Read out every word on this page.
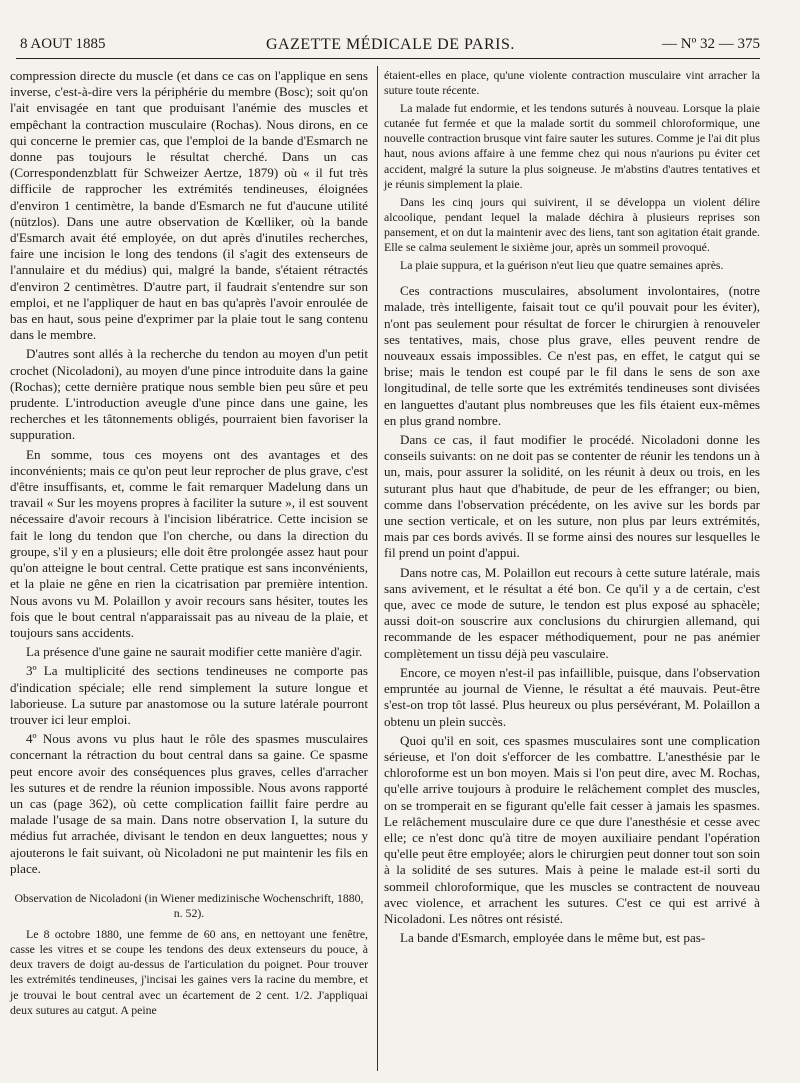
8 AOUT 1885	GAZETTE MÉDICALE DE PARIS.	— Nº 32 — 375

compression directe du muscle (et dans ce cas on l'applique en sens inverse, c'est-à-dire vers la périphérie du membre (Bosc); soit qu'on l'ait envisagée en tant que produisant l'anémie des muscles et empêchant la contraction musculaire (Rochas). Nous dirons, en ce qui concerne le premier cas, que l'emploi de la bande d'Esmarch ne donne pas toujours le résultat cherché. Dans un cas (Correspondenzblatt für Schweizer Aertze, 1879) où « il fut très difficile de rapprocher les extrémités tendineuses, éloignées d'environ 1 centimètre, la bande d'Esmarch ne fut d'aucune utilité (nützlos). Dans une autre observation de Kœlliker, où la bande d'Esmarch avait été employée, on dut après d'inutiles recherches, faire une incision le long des tendons (il s'agit des extenseurs de l'annulaire et du médius) qui, malgré la bande, s'étaient rétractés d'environ 2 centimètres. D'autre part, il faudrait s'entendre sur son emploi, et ne l'appliquer de haut en bas qu'après l'avoir enroulée de bas en haut, sous peine d'exprimer par la plaie tout le sang contenu dans le membre.

D'autres sont allés à la recherche du tendon au moyen d'un petit crochet (Nicoladoni), au moyen d'une pince introduite dans la gaine (Rochas); cette dernière pratique nous semble bien peu sûre et peu prudente. L'introduction aveugle d'une pince dans une gaine, les recherches et les tâtonnements obligés, pourraient bien favoriser la suppuration.

En somme, tous ces moyens ont des avantages et des inconvénients; mais ce qu'on peut leur reprocher de plus grave, c'est d'être insuffisants, et, comme le fait remarquer Madelung dans un travail « Sur les moyens propres à faciliter la suture », il est souvent nécessaire d'avoir recours à l'incision libératrice. Cette incision se fait le long du tendon que l'on cherche, ou dans la direction du groupe, s'il y en a plusieurs; elle doit être prolongée assez haut pour qu'on atteigne le bout central. Cette pratique est sans inconvénients, et la plaie ne gêne en rien la cicatrisation par première intention. Nous avons vu M. Polaillon y avoir recours sans hésiter, toutes les fois que le bout central n'apparaissait pas au niveau de la plaie, et toujours sans accidents.

La présence d'une gaine ne saurait modifier cette manière d'agir.

3º La multiplicité des sections tendineuses ne comporte pas d'indication spéciale; elle rend simplement la suture longue et laborieuse. La suture par anastomose ou la suture latérale pourront trouver ici leur emploi.

4º Nous avons vu plus haut le rôle des spasmes musculaires concernant la rétraction du bout central dans sa gaine. Ce spasme peut encore avoir des conséquences plus graves, celles d'arracher les sutures et de rendre la réunion impossible. Nous avons rapporté un cas (page 362), où cette complication faillit faire perdre au malade l'usage de sa main. Dans notre observation I, la suture du médius fut arrachée, divisant le tendon en deux languettes; nous y ajouterons le fait suivant, où Nicoladoni ne put maintenir les fils en place.

Observation de Nicoladoni (in Wiener medizinische Wochenschrift, 1880, n. 52).

Le 8 octobre 1880, une femme de 60 ans, en nettoyant une fenêtre, casse les vitres et se coupe les tendons des deux extenseurs du pouce, à deux travers de doigt au-dessus de l'articulation du poignet. Pour trouver les extrémités tendineuses, j'incisai les gaines vers la racine du membre, et je trouvai le bout central avec un écartement de 2 cent. 1/2. J'appliquai deux sutures au catgut. A peine

étaient-elles en place, qu'une violente contraction musculaire vint arracher la suture toute récente.

La malade fut endormie, et les tendons suturés à nouveau. Lorsque la plaie cutanée fut fermée et que la malade sortit du sommeil chloroformique, une nouvelle contraction brusque vint faire sauter les sutures. Comme je l'ai dit plus haut, nous avions affaire à une femme chez qui nous n'aurions pu éviter cet accident, malgré la suture la plus soigneuse. Je m'abstins d'autres tentatives et je réunis simplement la plaie.

Dans les cinq jours qui suivirent, il se développa un violent délire alcoolique, pendant lequel la malade déchira à plusieurs reprises son pansement, et on dut la maintenir avec des liens, tant son agitation était grande. Elle se calma seulement le sixième jour, après un sommeil provoqué.

La plaie suppura, et la guérison n'eut lieu que quatre semaines après.

Ces contractions musculaires, absolument involontaires, (notre malade, très intelligente, faisait tout ce qu'il pouvait pour les éviter), n'ont pas seulement pour résultat de forcer le chirurgien à renouveler ses tentatives, mais, chose plus grave, elles peuvent rendre de nouveaux essais impossibles. Ce n'est pas, en effet, le catgut qui se brise; mais le tendon est coupé par le fil dans le sens de son axe longitudinal, de telle sorte que les extrémités tendineuses sont divisées en languettes d'autant plus nombreuses que les fils étaient eux-mêmes en plus grand nombre.

Dans ce cas, il faut modifier le procédé. Nicoladoni donne les conseils suivants: on ne doit pas se contenter de réunir les tendons un à un, mais, pour assurer la solidité, on les réunit à deux ou trois, en les suturant plus haut que d'habitude, de peur de les effranger; ou bien, comme dans l'observation précédente, on les avive sur les bords par une section verticale, et on les suture, non plus par leurs extrémités, mais par ces bords avivés. Il se forme ainsi des noures sur lesquelles le fil prend un point d'appui.

Dans notre cas, M. Polaillon eut recours à cette suture latérale, mais sans avivement, et le résultat a été bon. Ce qu'il y a de certain, c'est que, avec ce mode de suture, le tendon est plus exposé au sphacèle; aussi doit-on souscrire aux conclusions du chirurgien allemand, qui recommande de les espacer méthodiquement, pour ne pas anémier complètement un tissu déjà peu vasculaire.

Encore, ce moyen n'est-il pas infaillible, puisque, dans l'observation empruntée au journal de Vienne, le résultat a été mauvais. Peut-être s'est-on trop tôt lassé. Plus heureux ou plus persévérant, M. Polaillon a obtenu un plein succès.

Quoi qu'il en soit, ces spasmes musculaires sont une complication sérieuse, et l'on doit s'efforcer de les combattre. L'anesthésie par le chloroforme est un bon moyen. Mais si l'on peut dire, avec M. Rochas, qu'elle arrive toujours à produire le relâchement complet des muscles, on se tromperait en se figurant qu'elle fait cesser à jamais les spasmes. Le relâchement musculaire dure ce que dure l'anesthésie et cesse avec elle; ce n'est donc qu'à titre de moyen auxiliaire pendant l'opération qu'elle peut être employée; alors le chirurgien peut donner tout son soin à la solidité de ses sutures. Mais à peine le malade est-il sorti du sommeil chloroformique, que les muscles se contractent de nouveau avec violence, et arrachent les sutures. C'est ce qui est arrivé à Nicoladoni. Les nôtres ont résisté.

La bande d'Esmarch, employée dans le même but, est pas-
